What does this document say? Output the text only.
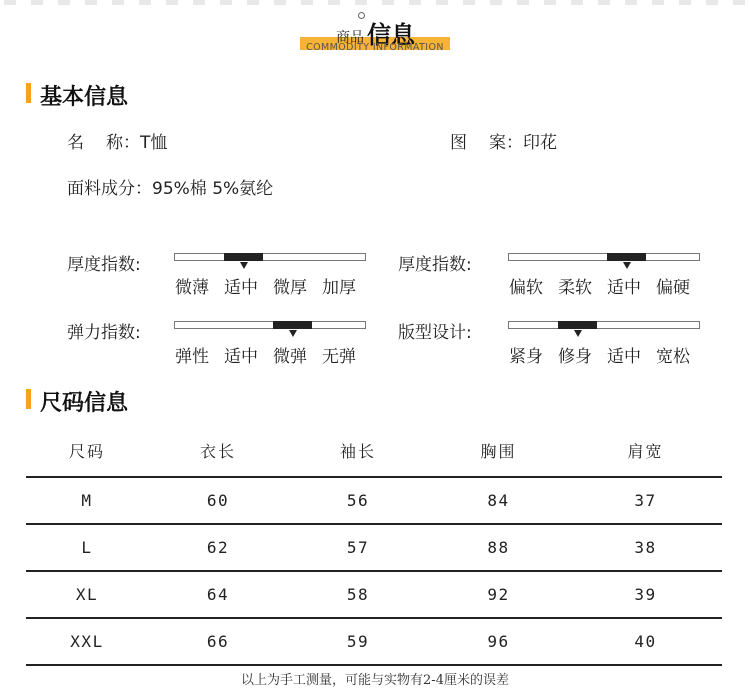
商品 信息
COMMODITY INFORMATION
基本信息
名称：T恤	图案：印花
面料成分：95%棉 5%氨纶
厚度指数:
微薄 适中 微厚 加厚
厚度指数:
偏软 柔软 适中 偏硬
弹力指数:
弹性 适中 微弹 无弹
版型设计:
紧身 修身 适中 宽松
尺码信息
尺码	衣长	袖长	胸围	肩宽
M	60	56	84	37
L	62	57	88	38
XL	64	58	92	39
XXL	66	59	96	40
以上为手工测量，可能与实物有2-4厘米的误差
